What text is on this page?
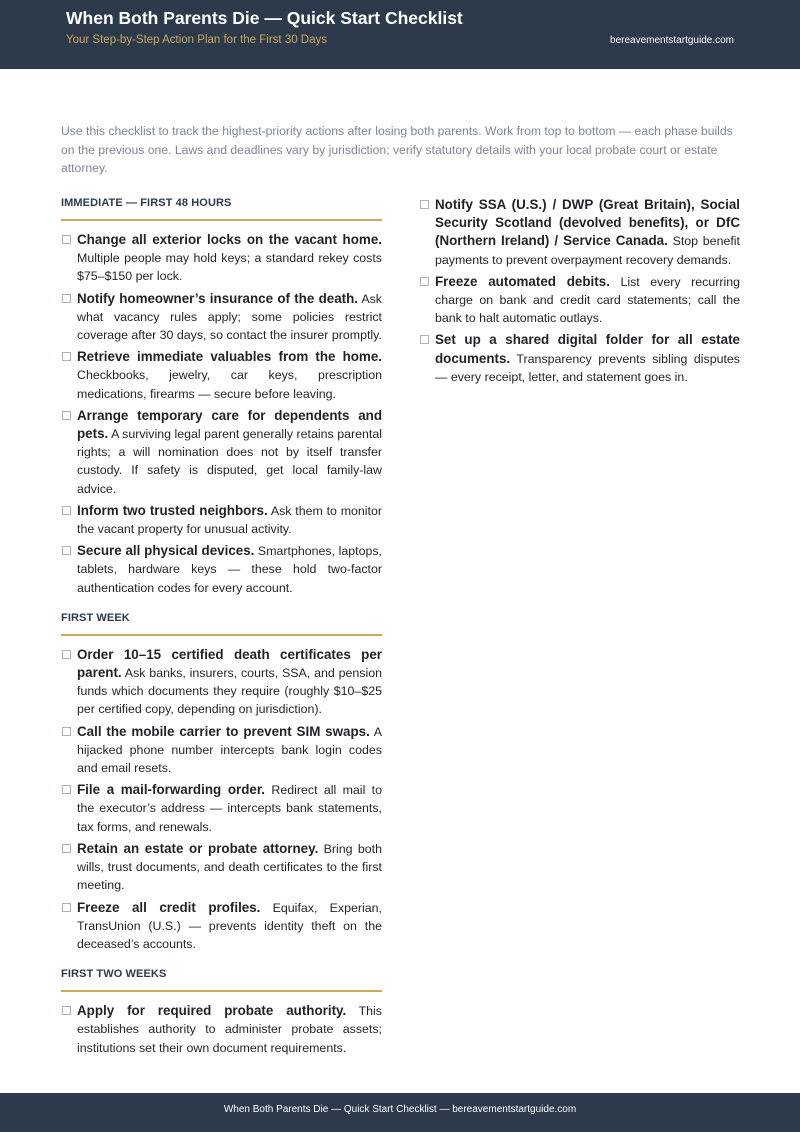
When Both Parents Die — Quick Start Checklist
Your Step-by-Step Action Plan for the First 30 Days	bereavementstartguide.com
Use this checklist to track the highest-priority actions after losing both parents. Work from top to bottom — each phase builds on the previous one. Laws and deadlines vary by jurisdiction; verify statutory details with your local probate court or estate attorney.
IMMEDIATE — FIRST 48 HOURS
Change all exterior locks on the vacant home. Multiple people may hold keys; a standard rekey costs $75–$150 per lock.
Notify homeowner’s insurance of the death. Ask what vacancy rules apply; some policies restrict coverage after 30 days, so contact the insurer promptly.
Retrieve immediate valuables from the home. Checkbooks, jewelry, car keys, prescription medications, firearms — secure before leaving.
Arrange temporary care for dependents and pets. A surviving legal parent generally retains parental rights; a will nomination does not by itself transfer custody. If safety is disputed, get local family-law advice.
Inform two trusted neighbors. Ask them to monitor the vacant property for unusual activity.
Secure all physical devices. Smartphones, laptops, tablets, hardware keys — these hold two-factor authentication codes for every account.
FIRST WEEK
Order 10–15 certified death certificates per parent. Ask banks, insurers, courts, SSA, and pension funds which documents they require (roughly $10–$25 per certified copy, depending on jurisdiction).
Call the mobile carrier to prevent SIM swaps. A hijacked phone number intercepts bank login codes and email resets.
File a mail-forwarding order. Redirect all mail to the executor’s address — intercepts bank statements, tax forms, and renewals.
Retain an estate or probate attorney. Bring both wills, trust documents, and death certificates to the first meeting.
Freeze all credit profiles. Equifax, Experian, TransUnion (U.S.) — prevents identity theft on the deceased’s accounts.
FIRST TWO WEEKS
Apply for required probate authority. This establishes authority to administer probate assets; institutions set their own document requirements.
Notify SSA (U.S.) / DWP (Great Britain), Social Security Scotland (devolved benefits), or DfC (Northern Ireland) / Service Canada. Stop benefit payments to prevent overpayment recovery demands.
Freeze automated debits. List every recurring charge on bank and credit card statements; call the bank to halt automatic outlays.
Set up a shared digital folder for all estate documents. Transparency prevents sibling disputes — every receipt, letter, and statement goes in.
When Both Parents Die — Quick Start Checklist — bereavementstartguide.com
